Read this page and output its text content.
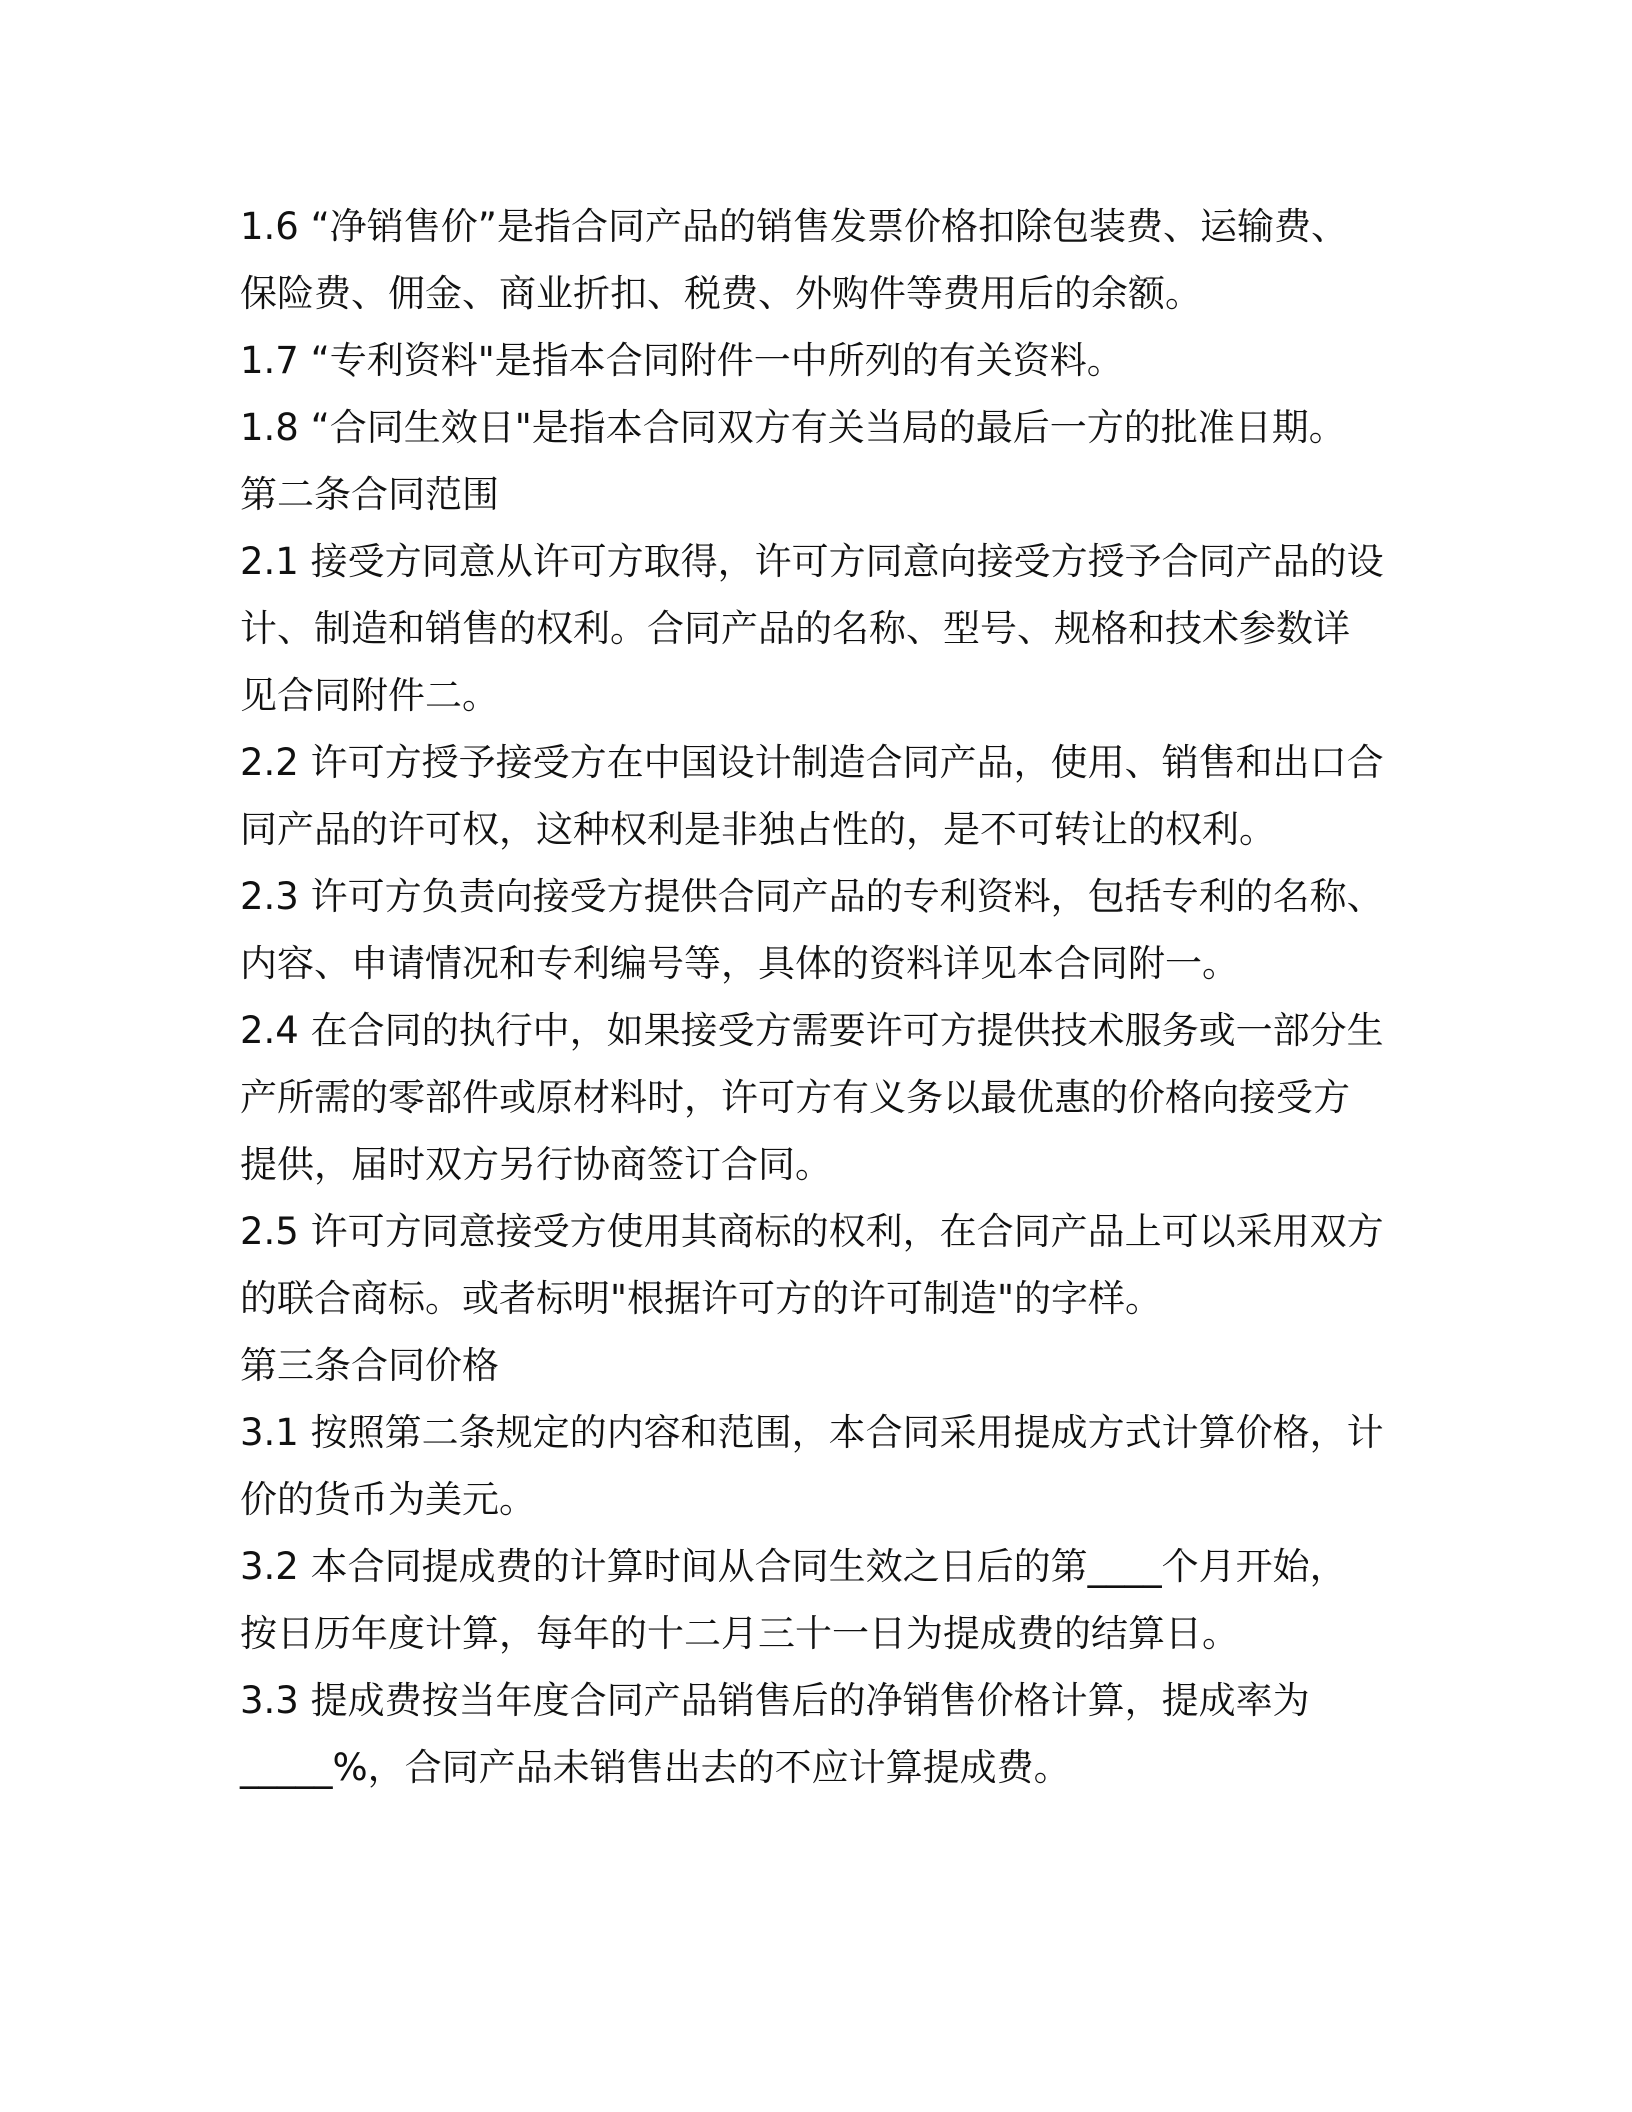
1.6 “净销售价”是指合同产品的销售发票价格扣除包装费、运输费、
保险费、佣金、商业折扣、税费、外购件等费用后的余额。

1.7 “专利资料"是指本合同附件一中所列的有关资料。

1.8 “合同生效日"是指本合同双方有关当局的最后一方的批准日期。

第二条合同范围

2.1 接受方同意从许可方取得，许可方同意向接受方授予合同产品的设
计、制造和销售的权利。合同产品的名称、型号、规格和技术参数详
见合同附件二。

2.2 许可方授予接受方在中国设计制造合同产品，使用、销售和出口合
同产品的许可权，这种权利是非独占性的，是不可转让的权利。

2.3 许可方负责向接受方提供合同产品的专利资料，包括专利的名称、
内容、申请情况和专利编号等，具体的资料详见本合同附一。

2.4 在合同的执行中，如果接受方需要许可方提供技术服务或一部分生
产所需的零部件或原材料时，许可方有义务以最优惠的价格向接受方
提供，届时双方另行协商签订合同。

2.5 许可方同意接受方使用其商标的权利，在合同产品上可以采用双方
的联合商标。或者标明"根据许可方的许可制造"的字样。

第三条合同价格

3.1 按照第二条规定的内容和范围，本合同采用提成方式计算价格，计
价的货币为美元。

3.2 本合同提成费的计算时间从合同生效之日后的第____个月开始，
按日历年度计算，每年的十二月三十一日为提成费的结算日。

3.3 提成费按当年度合同产品销售后的净销售价格计算，提成率为
_____%，合同产品未销售出去的不应计算提成费。
